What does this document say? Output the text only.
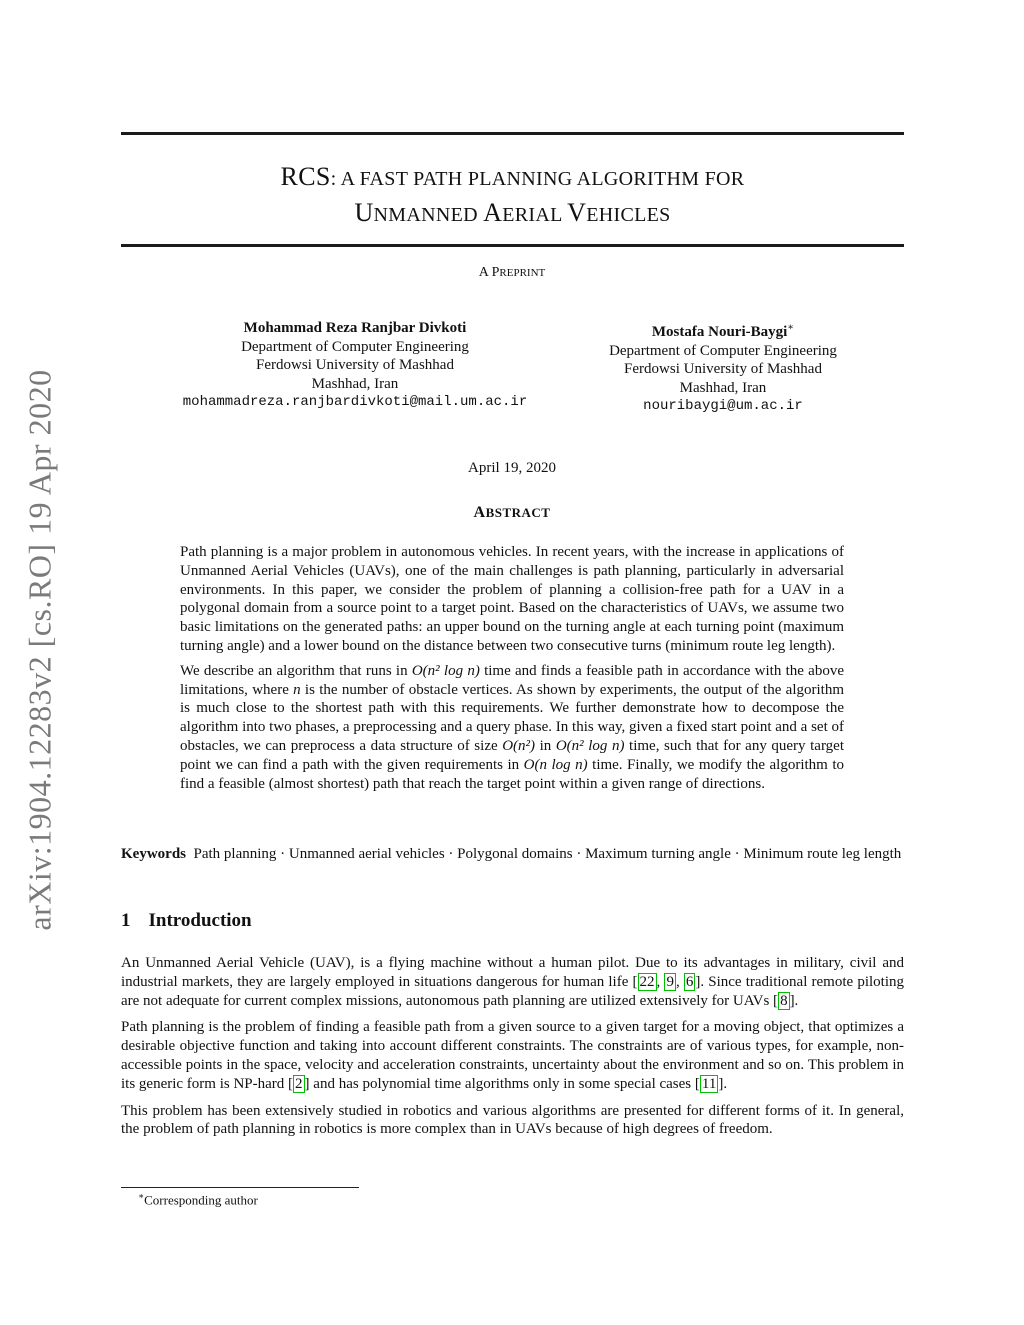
arXiv:1904.12283v2 [cs.RO] 19 Apr 2020
RCS: A FAST PATH PLANNING ALGORITHM FOR
UNMANNED AERIAL VEHICLES
A PREPRINT
Mohammad Reza Ranjbar Divkoti
Department of Computer Engineering
Ferdowsi University of Mashhad
Mashhad, Iran
mohammadreza.ranjbardivkoti@mail.um.ac.ir
Mostafa Nouri-Baygi∗
Department of Computer Engineering
Ferdowsi University of Mashhad
Mashhad, Iran
nouribaygi@um.ac.ir
April 19, 2020
ABSTRACT

Path planning is a major problem in autonomous vehicles. In recent years, with the increase in applications of Unmanned Aerial Vehicles (UAVs), one of the main challenges is path planning, particularly in adversarial environments. In this paper, we consider the problem of planning a collision-free path for a UAV in a polygonal domain from a source point to a target point. Based on the characteristics of UAVs, we assume two basic limitations on the generated paths: an upper bound on the turning angle at each turning point (maximum turning angle) and a lower bound on the distance between two consecutive turns (minimum route leg length).

We describe an algorithm that runs in O(n² log n) time and finds a feasible path in accordance with the above limitations, where n is the number of obstacle vertices. As shown by experiments, the output of the algorithm is much close to the shortest path with this requirements. We further demonstrate how to decompose the algorithm into two phases, a preprocessing and a query phase. In this way, given a fixed start point and a set of obstacles, we can preprocess a data structure of size O(n²) in O(n² log n) time, such that for any query target point we can find a path with the given requirements in O(n log n) time. Finally, we modify the algorithm to find a feasible (almost shortest) path that reach the target point within a given range of directions.

Keywords Path planning · Unmanned aerial vehicles · Polygonal domains · Maximum turning angle · Minimum route leg length
1 Introduction

An Unmanned Aerial Vehicle (UAV), is a flying machine without a human pilot. Due to its advantages in military, civil and industrial markets, they are largely employed in situations dangerous for human life [ 22 , 9 , 6 ]. Since traditional remote piloting are not adequate for current complex missions, autonomous path planning are utilized extensively for UAVs [ 8 ].

Path planning is the problem of finding a feasible path from a given source to a given target for a moving object, that optimizes a desirable objective function and taking into account different constraints. The constraints are of various types, for example, non-accessible points in the space, velocity and acceleration constraints, uncertainty about the environment and so on. This problem in its generic form is NP-hard [ 2 ] and has polynomial time algorithms only in some special cases [ 11 ].

This problem has been extensively studied in robotics and various algorithms are presented for different forms of it. In general, the problem of path planning in robotics is more complex than in UAVs because of high degrees of freedom.

∗Corresponding author
